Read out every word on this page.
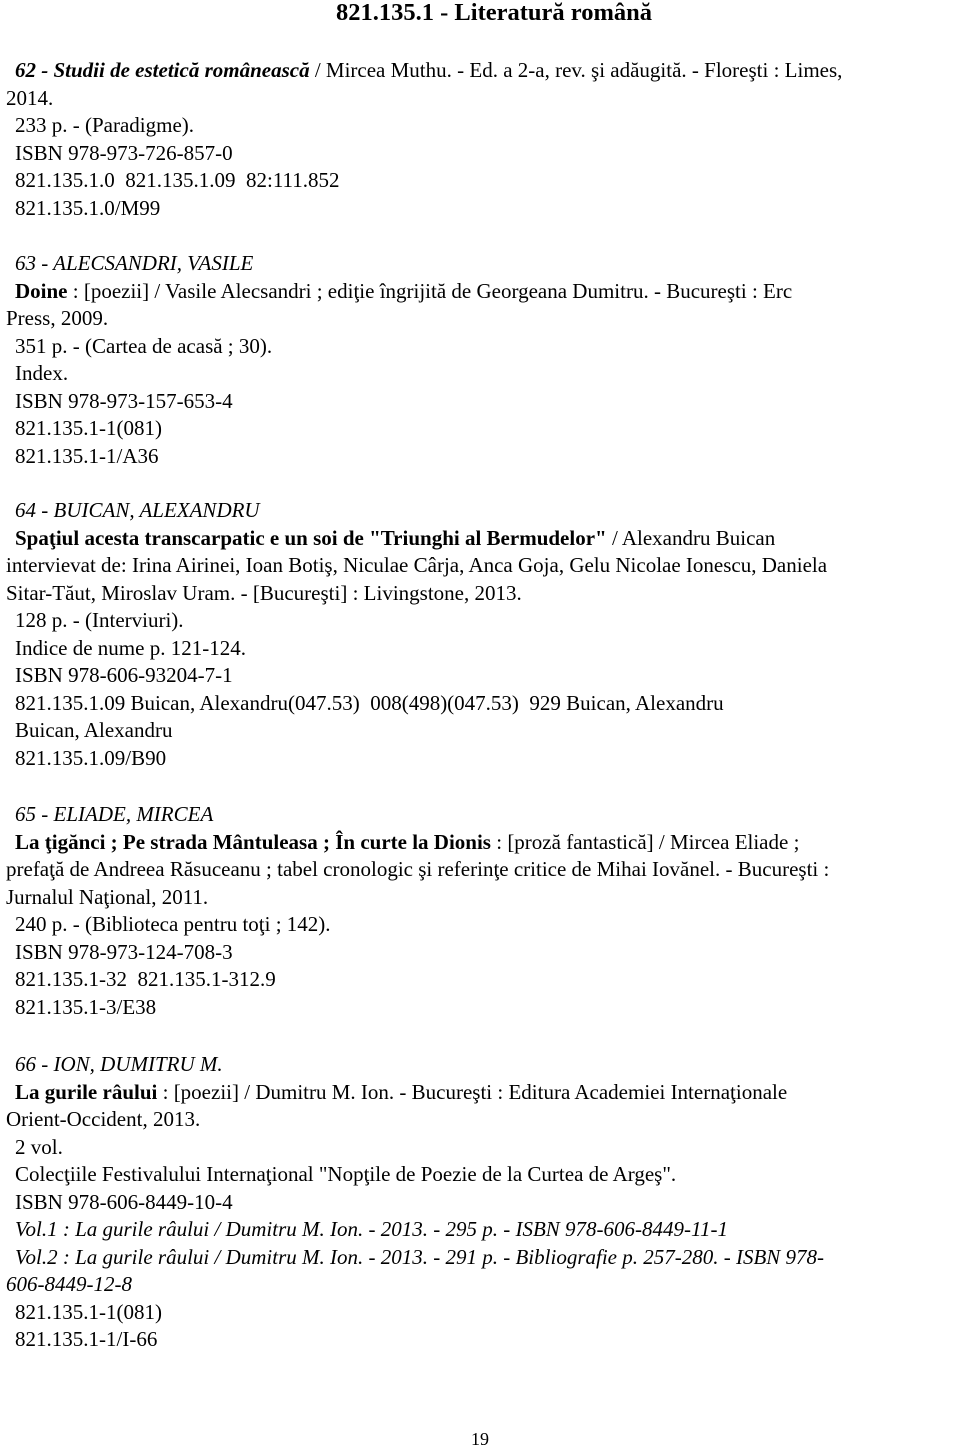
821.135.1 - Literatură română
62 - Studii de estetică românească / Mircea Muthu. - Ed. a 2-a, rev. şi adăugită. - Floreşti : Limes,
2014.
233 p. - (Paradigme).
ISBN 978-973-726-857-0
821.135.1.0  821.135.1.09  82:111.852
821.135.1.0/M99
63 - ALECSANDRI, VASILE
Doine : [poezii] / Vasile Alecsandri ; ediţie îngrijită de Georgeana Dumitru. - Bucureşti : Erc
Press, 2009.
351 p. - (Cartea de acasă ; 30).
Index.
ISBN 978-973-157-653-4
821.135.1-1(081)
821.135.1-1/A36
64 - BUICAN, ALEXANDRU
Spaţiul acesta transcarpatic e un soi de "Triunghi al Bermudelor" / Alexandru Buican
intervievat de: Irina Airinei, Ioan Botiş, Niculae Cârja, Anca Goja, Gelu Nicolae Ionescu, Daniela
Sitar-Tăut, Miroslav Uram. - [Bucureşti] : Livingstone, 2013.
128 p. - (Interviuri).
Indice de nume p. 121-124.
ISBN 978-606-93204-7-1
821.135.1.09 Buican, Alexandru(047.53)  008(498)(047.53)  929 Buican, Alexandru
Buican, Alexandru
821.135.1.09/B90
65 - ELIADE, MIRCEA
La ţigănci ; Pe strada Mântuleasa ; În curte la Dionis : [proză fantastică] / Mircea Eliade ;
prefaţă de Andreea Răsuceanu ; tabel cronologic şi referinţe critice de Mihai Iovănel. - Bucureşti :
Jurnalul Naţional, 2011.
240 p. - (Biblioteca pentru toţi ; 142).
ISBN 978-973-124-708-3
821.135.1-32  821.135.1-312.9
821.135.1-3/E38
66 - ION, DUMITRU M.
La gurile râului : [poezii] / Dumitru M. Ion. - Bucureşti : Editura Academiei Internaţionale
Orient-Occident, 2013.
2 vol.
Colecţiile Festivalului Internaţional "Nopţile de Poezie de la Curtea de Argeş".
ISBN 978-606-8449-10-4
Vol.1 : La gurile râului / Dumitru M. Ion. - 2013. - 295 p. - ISBN 978-606-8449-11-1
Vol.2 : La gurile râului / Dumitru M. Ion. - 2013. - 291 p. - Bibliografie p. 257-280. - ISBN 978-
606-8449-12-8
821.135.1-1(081)
821.135.1-1/I-66
19
